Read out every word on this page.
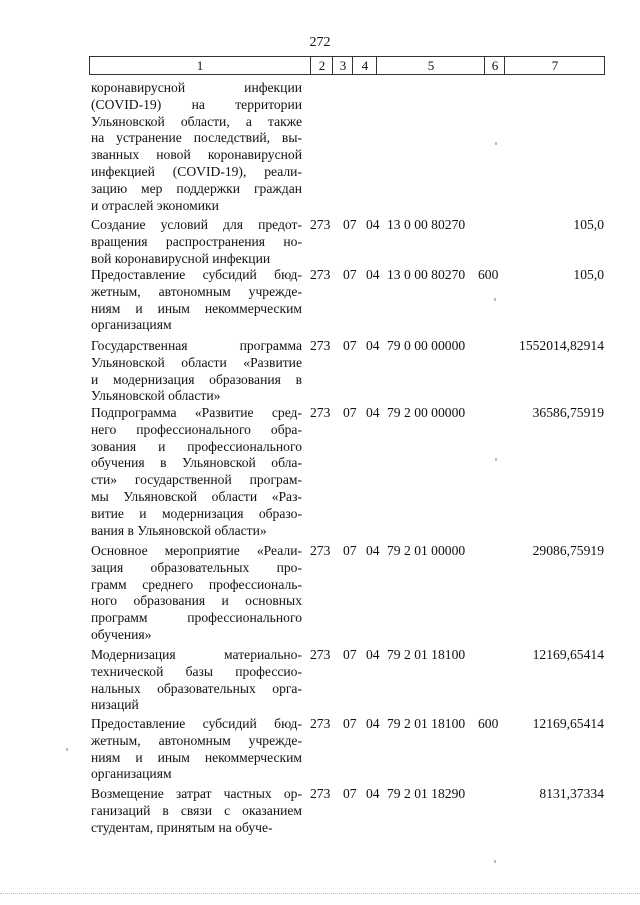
272
1	2	3	4	5	6	7
коронавирусной инфекции
(COVID-19) на территории
Ульяновской области, а также
на устранение последствий, вы-
званных новой коронавирусной
инфекцией (COVID-19), реали-
зацию мер поддержки граждан
и отраслей экономики
Создание условий для предот-
вращения распространения но-
вой коронавирусной инфекции
273 07 04 13 0 00 80270	105,0
Предоставление субсидий бюд-
жетным, автономным учрежде-
ниям и иным некоммерческим
организациям
273 07 04 13 0 00 80270 600	105,0
Государственная программа
Ульяновской области «Развитие
и модернизация образования в
Ульяновской области»
273 07 04 79 0 00 00000	1552014,82914
Подпрограмма «Развитие сред-
него профессионального обра-
зования и профессионального
обучения в Ульяновской обла-
сти» государственной програм-
мы Ульяновской области «Раз-
витие и модернизация образо-
вания в Ульяновской области»
273 07 04 79 2 00 00000	36586,75919
Основное мероприятие «Реали-
зация образовательных про-
грамм среднего профессиональ-
ного образования и основных
программ профессионального
обучения»
273 07 04 79 2 01 00000	29086,75919
Модернизация материально-
технической базы профессио-
нальных образовательных орга-
низаций
273 07 04 79 2 01 18100	12169,65414
Предоставление субсидий бюд-
жетным, автономным учрежде-
ниям и иным некоммерческим
организациям
273 07 04 79 2 01 18100 600	12169,65414
Возмещение затрат частных ор-
ганизаций в связи с оказанием
студентам, принятым на обуче-
273 07 04 79 2 01 18290	8131,37334
